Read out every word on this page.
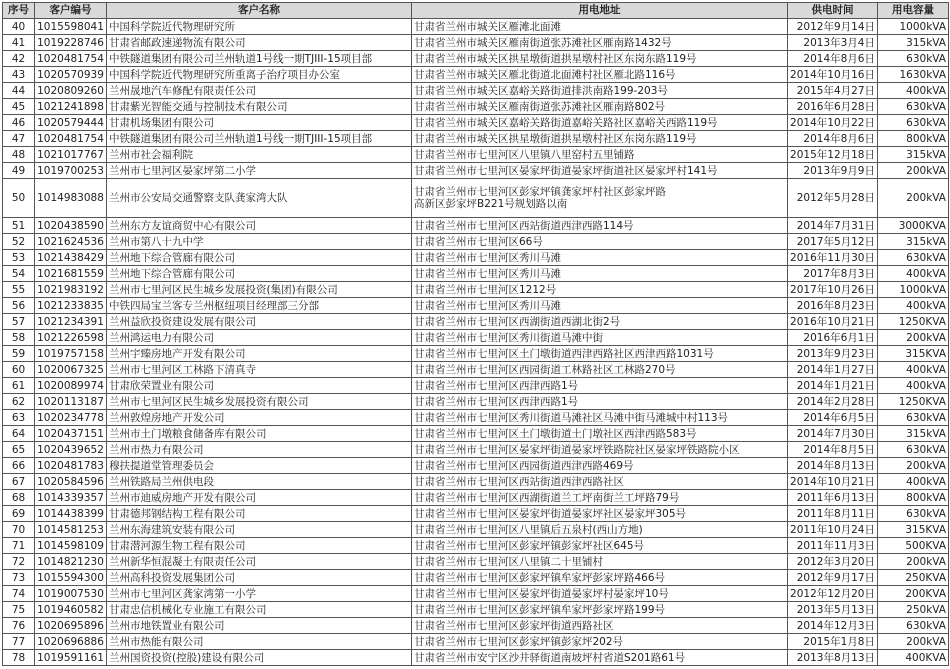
序号	客户编号	客户名称	用电地址	供电时间	用电容量
40	1015598041	中国科学院近代物理研究所	甘肃省兰州市城关区雁滩北面滩	2012年9月14日	1000kVA
41	1019228746	甘肃省邮政速递物流有限公司	甘肃省兰州市城关区雁南街道张苏滩社区雁南路1432号	2013年3月4日	315kVA
42	1020481754	中铁隧道集团有限公司兰州轨道1号线一期TJIII-15项目部	甘肃省兰州市城关区拱星墩街道拱星墩村社区东岗东路119号	2014年8月6日	630kVA
43	1020570939	中国科学院近代物理研究所重离子治疗项目办公室	甘肃省兰州市城关区雁北街道北面滩村社区雁北路116号	2014年10月16日	1630kVA
44	1020809260	兰州晟地汽车修配有限责任公司	甘肃省兰州市城关区嘉峪关路街道排洪南路199-203号	2015年4月27日	400kVA
45	1021241898	甘肃紫光智能交通与控制技术有限公司	甘肃省兰州市城关区雁南街道张苏滩社区雁南路802号	2016年6月28日	630kVA
46	1020579444	甘肃机场集团有限公司	甘肃省兰州市城关区嘉峪关路街道嘉峪关路社区嘉峪关西路119号	2014年10月22日	630kVA
47	1020481754	中铁隧道集团有限公司兰州轨道1号线一期TJIII-15项目部	甘肃省兰州市城关区拱星墩街道拱星墩村社区东岗东路119号	2014年8月6日	800kVA
48	1021017767	兰州市社会福利院	甘肃省兰州市七里河区八里镇八里窑村五里铺路	2015年12月18日	315kVA
49	1019700253	兰州市七里河区晏家坪第二小学	甘肃省兰州市七里河区晏家坪街道晏家坪街道社区晏家坪村141号	2013年9月9日	200kVA
50	1014983088	兰州市公安局交通警察支队龚家湾大队	甘肃省兰州市七里河区彭家坪镇龚家坪村社区彭家坪路
高新区彭家坪B221号规划路以南	2012年5月28日	200kVA
51	1020438590	兰州东方友谊商贸中心有限公司	甘肃省兰州市七里河区西站街道西津西路114号	2014年7月31日	3000KVA
52	1021624536	兰州市第八十九中学	甘肃省兰州市七里河区66号	2017年5月12日	315kVA
53	1021438429	兰州地下综合管廊有限公司	甘肃省兰州市七里河区秀川马滩	2016年11月30日	630kVA
54	1021681559	兰州地下综合管廊有限公司	甘肃省兰州市七里河区秀川马滩	2017年8月3日	400kVA
55	1021983192	兰州市七里河区民生城乡发展投资(集团)有限公司	甘肃省兰州市七里河区1212号	2017年10月26日	1000kVA
56	1021233835	中铁四局宝兰客专兰州枢纽项目经理部三分部	甘肃省兰州市七里河区秀川马滩	2016年8月23日	400kVA
57	1021234391	兰州益欣投资建设发展有限公司	甘肃省兰州市七里河区西湖街道西湖北街2号	2016年10月21日	1250KVA
58	1021226598	兰州鸿运电力有限公司	甘肃省兰州市七里河区秀川街道马滩中街	2016年6月1日	200kVA
59	1019757158	兰州宇臻房地产开发有限公司	甘肃省兰州市七里河区土门墩街道西津西路社区西津西路1031号	2013年9月23日	315KVA
60	1020067325	兰州市七里河区工林路下清真寺	甘肃省兰州市七里河区西园街道工林路社区工林路270号	2014年1月27日	400kVA
61	1020089974	甘肃欣荣置业有限公司	甘肃省兰州市七里河区西津西路1号	2014年1月21日	400kVA
62	1020113187	兰州市七里河区民生城乡发展投资有限公司	甘肃省兰州市七里河区西津西路1号	2014年2月28日	1250KVA
63	1020234778	兰州敦煌房地产开发公司	甘肃省兰州市七里河区秀川街道马滩社区马滩中街马滩城中村113号	2014年6月5日	630kVA
64	1020437151	兰州市土门墩粮食储备库有限公司	甘肃省兰州市七里河区土门墩街道土门墩社区西津西路583号	2014年7月30日	315kVA
65	1020439652	兰州市热力有限公司	甘肃省兰州市七里河区晏家坪街道晏家坪铁路院社区晏家坪铁路院小区	2014年8月5日	630kVA
66	1020481783	穆扶提道堂管理委员会	甘肃省兰州市七里河区西园街道西津西路469号	2014年8月13日	200kVA
67	1020584596	兰州铁路局兰州供电段	甘肃省兰州市七里河区西站街道西津西路社区	2014年10月21日	400kVA
68	1014339357	兰州市迪威房地产开发有限公司	甘肃省兰州市七里河区西湖街道兰工坪南街兰工坪路79号	2011年6月13日	800kVA
69	1014438399	甘肃德邦钢结构工程有限公司	甘肃省兰州市七里河区晏家坪街道晏家坪社区晏家坪305号	2011年8月11日	630kVA
70	1014581253	兰州东海建筑安装有限公司	甘肃省兰州市七里河区八里镇后五泉村(西山方地)	2011年10月24日	315KVA
71	1014598109	甘肃潜河源生物工程有限公司	甘肃省兰州市七里河区彭家坪镇彭家坪社区645号	2011年11月3日	500KVA
72	1014821230	兰州新华恒混凝土有限责任公司	甘肃省兰州市七里河区八里镇二十里铺村	2012年3月20日	200kVA
73	1015594300	兰州高科投资发展集团公司	甘肃省兰州市七里河区彭家坪镇牟家坪彭家坪路466号	2012年9月17日	250KVA
74	1019007530	兰州市七里河区龚家湾第一小学	甘肃省兰州市七里河区晏家坪街道晏家坪村晏家坪10号	2012年12月20日	200KVA
75	1019460582	甘肃忠信机械化专业施工有限公司	甘肃省兰州市七里河区彭家坪镇牟家坪彭家坪路199号	2013年5月13日	250kVA
76	1020695896	兰州市地铁置业有限公司	甘肃省兰州市七里河区彭家坪街道西路社区	2014年12月3日	630kVA
77	1020696886	兰州市热能有限公司	甘肃省兰州市七里河区彭家坪镇彭家坪202号	2015年1月8日	200kVA
78	1019591161	兰州国资投资(控股)建设有限公司	甘肃省兰州市安宁区沙井驿街道南坡坪村省道S201路61号	2013年8月13日	400KVA
